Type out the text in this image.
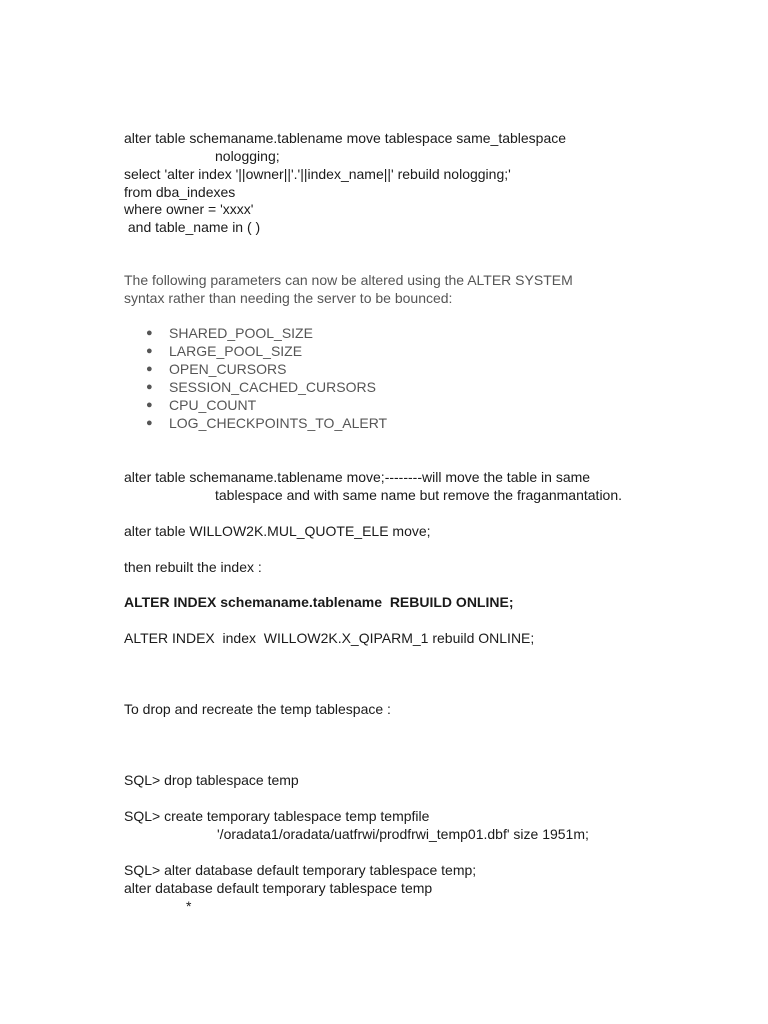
alter table schemaname.tablename move tablespace same_tablespace
nologging;
select 'alter index '||owner||'.'||index_name||' rebuild nologging;'
from dba_indexes
where owner = 'xxxx'
and table_name in ( )
The following parameters can now be altered using the ALTER SYSTEM
syntax rather than needing the server to be bounced:
● SHARED_POOL_SIZE
● LARGE_POOL_SIZE
● OPEN_CURSORS
● SESSION_CACHED_CURSORS
● CPU_COUNT
● LOG_CHECKPOINTS_TO_ALERT
alter table schemaname.tablename move;--------will move the table in same
tablespace and with same name but remove the fraganmantation.
alter table WILLOW2K.MUL_QUOTE_ELE move;
then rebuilt the index :
ALTER INDEX schemaname.tablename  REBUILD ONLINE;
ALTER INDEX  index  WILLOW2K.X_QIPARM_1 rebuild ONLINE;
To drop and recreate the temp tablespace :
SQL> drop tablespace temp
SQL> create temporary tablespace temp tempfile
'/oradata1/oradata/uatfrwi/prodfrwi_temp01.dbf' size 1951m;
SQL> alter database default temporary tablespace temp;
alter database default temporary tablespace temp
*
